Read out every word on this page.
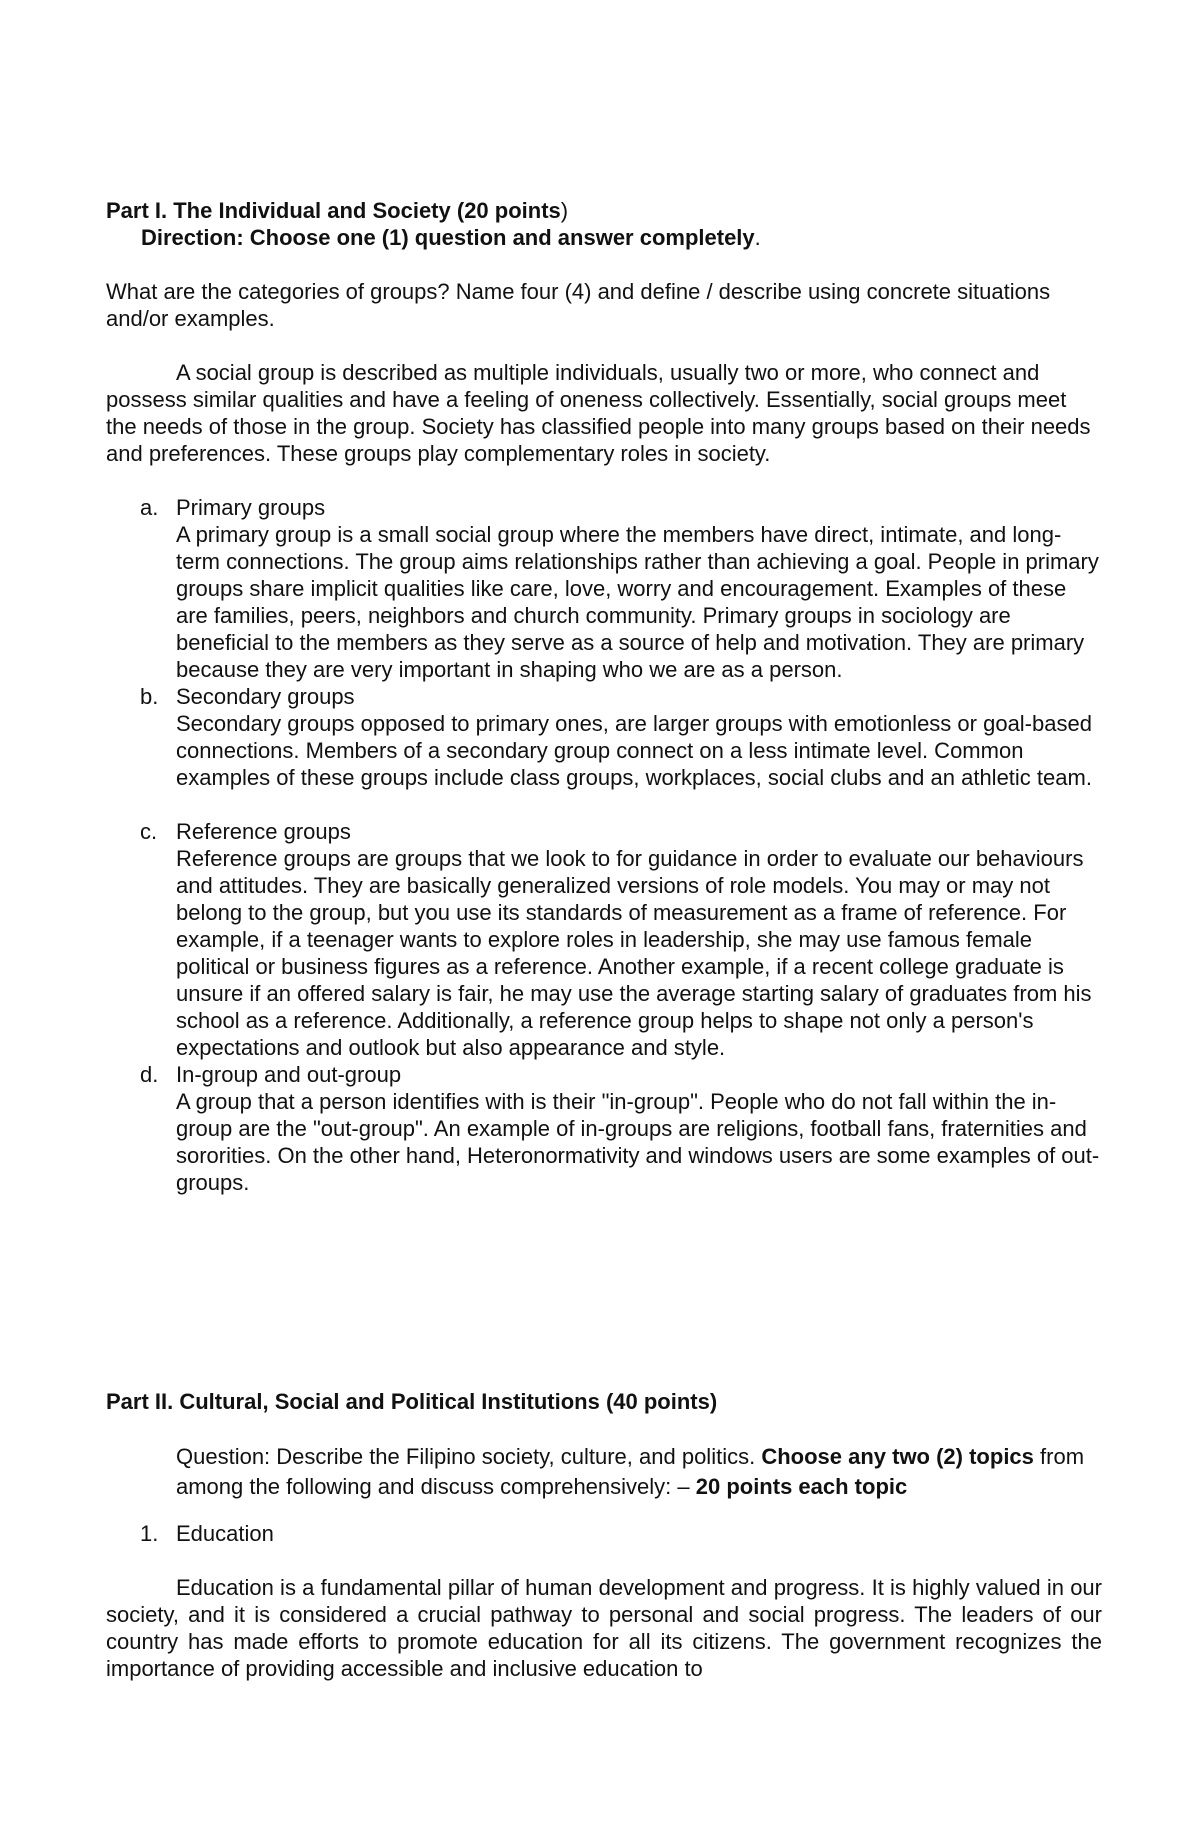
Part I. The Individual and Society (20 points)

Direction: Choose one (1) question and answer completely.

What are the categories of groups? Name four (4) and define / describe using concrete situations and/or examples.

A social group is described as multiple individuals, usually two or more, who connect and possess similar qualities and have a feeling of oneness collectively. Essentially, social groups meet the needs of those in the group. Society has classified people into many groups based on their needs and preferences. These groups play complementary roles in society.

a. Primary groups

A primary group is a small social group where the members have direct, intimate, and long-term connections. The group aims relationships rather than achieving a goal. People in primary groups share implicit qualities like care, love, worry and encouragement. Examples of these are families, peers, neighbors and church community. Primary groups in sociology are beneficial to the members as they serve as a source of help and motivation. They are primary because they are very important in shaping who we are as a person.

b. Secondary groups

Secondary groups opposed to primary ones, are larger groups with emotionless or goal-based connections. Members of a secondary group connect on a less intimate level. Common examples of these groups include class groups, workplaces, social clubs and an athletic team.

c. Reference groups

Reference groups are groups that we look to for guidance in order to evaluate our behaviours and attitudes. They are basically generalized versions of role models. You may or may not belong to the group, but you use its standards of measurement as a frame of reference. For example, if a teenager wants to explore roles in leadership, she may use famous female political or business figures as a reference. Another example, if a recent college graduate is unsure if an offered salary is fair, he may use the average starting salary of graduates from his school as a reference. Additionally, a reference group helps to shape not only a person's expectations and outlook but also appearance and style.

d. In-group and out-group

A group that a person identifies with is their "in-group". People who do not fall within the in-group are the "out-group". An example of in-groups are religions, football fans, fraternities and sororities. On the other hand, Heteronormativity and windows users are some examples of out-groups.

Part II. Cultural, Social and Political Institutions (40 points)

Question: Describe the Filipino society, culture, and politics. Choose any two (2) topics from among the following and discuss comprehensively: – 20 points each topic

1. Education

Education is a fundamental pillar of human development and progress. It is highly valued in our society, and it is considered a crucial pathway to personal and social progress. The leaders of our country has made efforts to promote education for all its citizens. The government recognizes the importance of providing accessible and inclusive education to
